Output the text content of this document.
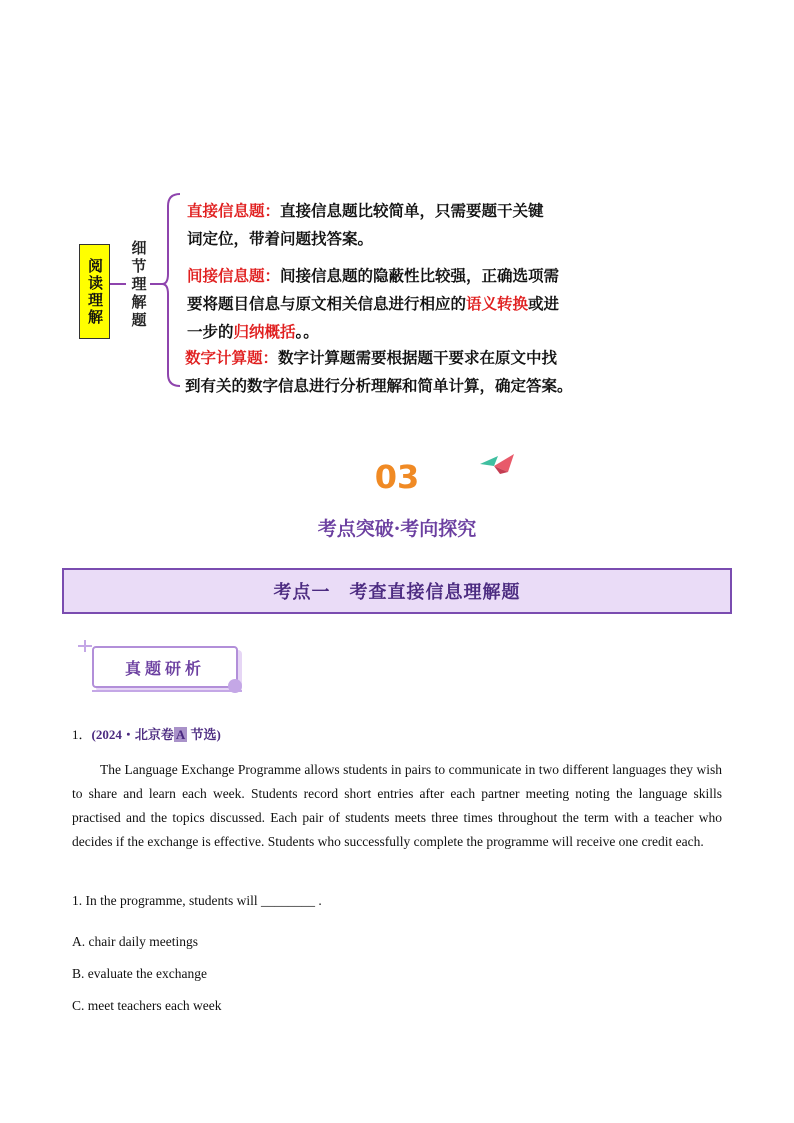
阅读理解 细节理解题
直接信息题：直接信息题比较简单，只需要题干关键
词定位，带着问题找答案。
间接信息题：间接信息题的隐蔽性比较强，正确选项需
要将题目信息与原文相关信息进行相应的语义转换或进
一步的归纳概括。。
数字计算题：数字计算题需要根据题干要求在原文中找
到有关的数字信息进行分析理解和简单计算，确定答案。
03
考点突破·考向探究
考点一　考查直接信息理解题
真题研析
1．(2024・北京卷 A 节选)
The Language Exchange Programme allows students in pairs to communicate in two different languages they wish to share and learn each week. Students record short entries after each partner meeting noting the language skills practised and the topics discussed. Each pair of students meets three times throughout the term with a teacher who decides if the exchange is effective. Students who successfully complete the programme will receive one credit each.
1. In the programme, students will ________ .
A. chair daily meetings
B. evaluate the exchange
C. meet teachers each week
